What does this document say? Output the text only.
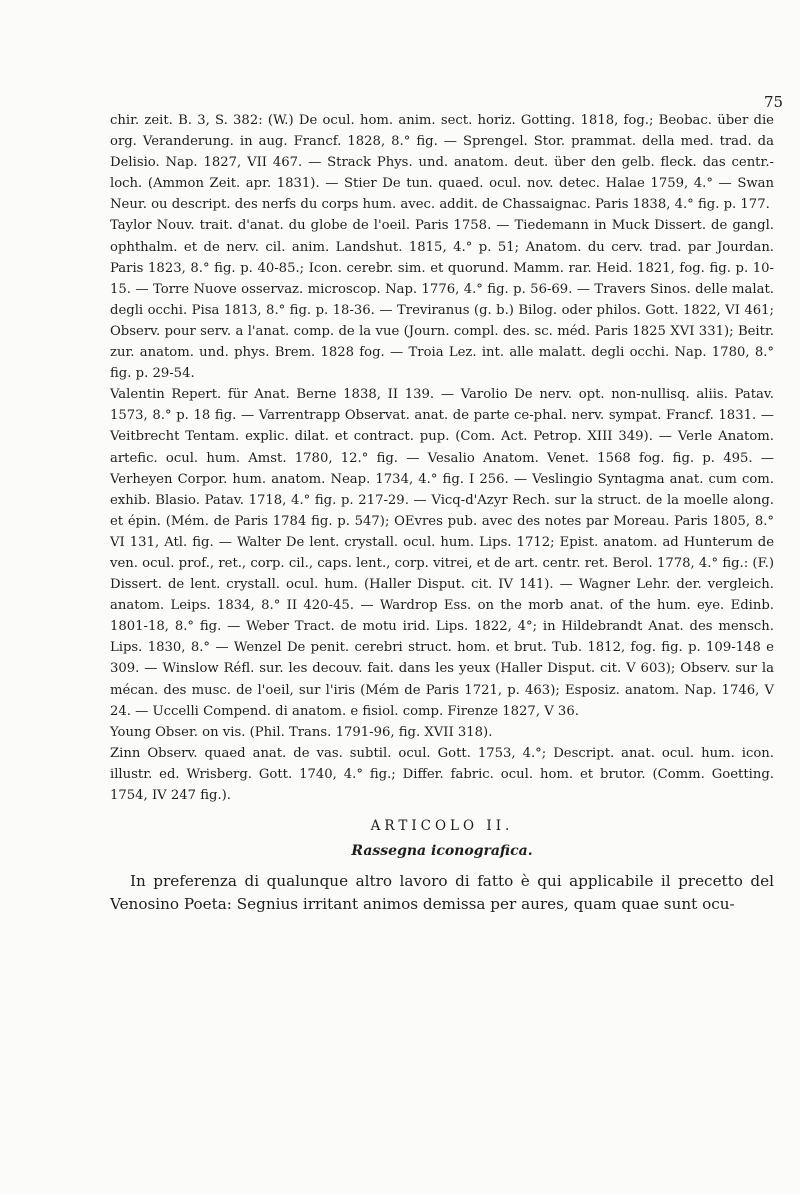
75

chir. zeit. B. 3, S. 382: (W.) De ocul. hom. anim. sect. horiz. Gotting. 1818, fog.; Beobac. über die org. Veranderung. in aug. Francf. 1828, 8.° fig. — Sprengel. Stor. prammat. della med. trad. da Delisio. Nap. 1827, VII 467. — Strack Phys. und. anatom. deut. über den gelb. fleck. das centr.-loch. (Ammon Zeit. apr. 1831). — Stier De tun. quaed. ocul. nov. detec. Halae 1759, 4.° — Swan Neur. ou descript. des nerfs du corps hum. avec. addit. de Chassaignac. Paris 1838, 4.° fig. p. 177.

Taylor Nouv. trait. d'anat. du globe de l'oeil. Paris 1758. — Tiedemann in Muck Dissert. de gangl. ophthalm. et de nerv. cil. anim. Landshut. 1815, 4.° p. 51; Anatom. du cerv. trad. par Jourdan. Paris 1823, 8.° fig. p. 40-85.; Icon. cerebr. sim. et quorund. Mamm. rar. Heid. 1821, fog. fig. p. 10-15. — Torre Nuove osservaz. microscop. Nap. 1776, 4.° fig. p. 56-69. — Travers Sinos. delle malat. degli occhi. Pisa 1813, 8.° fig. p. 18-36. — Treviranus (g. b.) Bilog. oder philos. Gott. 1822, VI 461; Observ. pour serv. a l'anat. comp. de la vue (Journ. compl. des. sc. méd. Paris 1825 XVI 331); Beitr. zur. anatom. und. phys. Brem. 1828 fog. — Troia Lez. int. alle malatt. degli occhi. Nap. 1780, 8.° fig. p. 29-54.

Valentin Repert. für Anat. Berne 1838, II 139. — Varolio De nerv. opt. non-nullisq. aliis. Patav. 1573, 8.° p. 18 fig. — Varrentrapp Observat. anat. de parte ce-phal. nerv. sympat. Francf. 1831. — Veitbrecht Tentam. explic. dilat. et contract. pup. (Com. Act. Petrop. XIII 349). — Verle Anatom. artefic. ocul. hum. Amst. 1780, 12.° fig. — Vesalio Anatom. Venet. 1568 fog. fig. p. 495. — Verheyen Corpor. hum. anatom. Neap. 1734, 4.° fig. I 256. — Veslingio Syntagma anat. cum com. exhib. Blasio. Patav. 1718, 4.° fig. p. 217-29. — Vicq-d'Azyr Rech. sur la struct. de la moelle along. et épin. (Mém. de Paris 1784 fig. p. 547); OEvres pub. avec des notes par Moreau. Paris 1805, 8.° VI 131, Atl. fig. — Walter De lent. crystall. ocul. hum. Lips. 1712; Epist. anatom. ad Hunterum de ven. ocul. prof., ret., corp. cil., caps. lent., corp. vitrei, et de art. centr. ret. Berol. 1778, 4.° fig.: (F.) Dissert. de lent. crystall. ocul. hum. (Haller Disput. cit. IV 141). — Wagner Lehr. der. vergleich. anatom. Leips. 1834, 8.° II 420-45. — Wardrop Ess. on the morb anat. of the hum. eye. Edinb. 1801-18, 8.° fig. — Weber Tract. de motu irid. Lips. 1822, 4°; in Hildebrandt Anat. des mensch. Lips. 1830, 8.° — Wenzel De penit. cerebri struct. hom. et brut. Tub. 1812, fog. fig. p. 109-148 e 309. — Winslow Réfl. sur. les decouv. fait. dans les yeux (Haller Disput. cit. V 603); Observ. sur la mécan. des musc. de l'oeil, sur l'iris (Mém de Paris 1721, p. 463); Esposiz. anatom. Nap. 1746, V 24. — Uccelli Compend. di anatom. e fisiol. comp. Firenze 1827, V 36.

Young Obser. on vis. (Phil. Trans. 1791-96, fig. XVII 318).

Zinn Observ. quaed anat. de vas. subtil. ocul. Gott. 1753, 4.°; Descript. anat. ocul. hum. icon. illustr. ed. Wrisberg. Gott. 1740, 4.° fig.; Differ. fabric. ocul. hom. et brutor. (Comm. Goetting. 1754, IV 247 fig.).

ARTICOLO II.

Rassegna iconografica.

In preferenza di qualunque altro lavoro di fatto è qui applicabile il precetto del Venosino Poeta: Segnius irritant animos demissa per aures, quam quae sunt ocu-
